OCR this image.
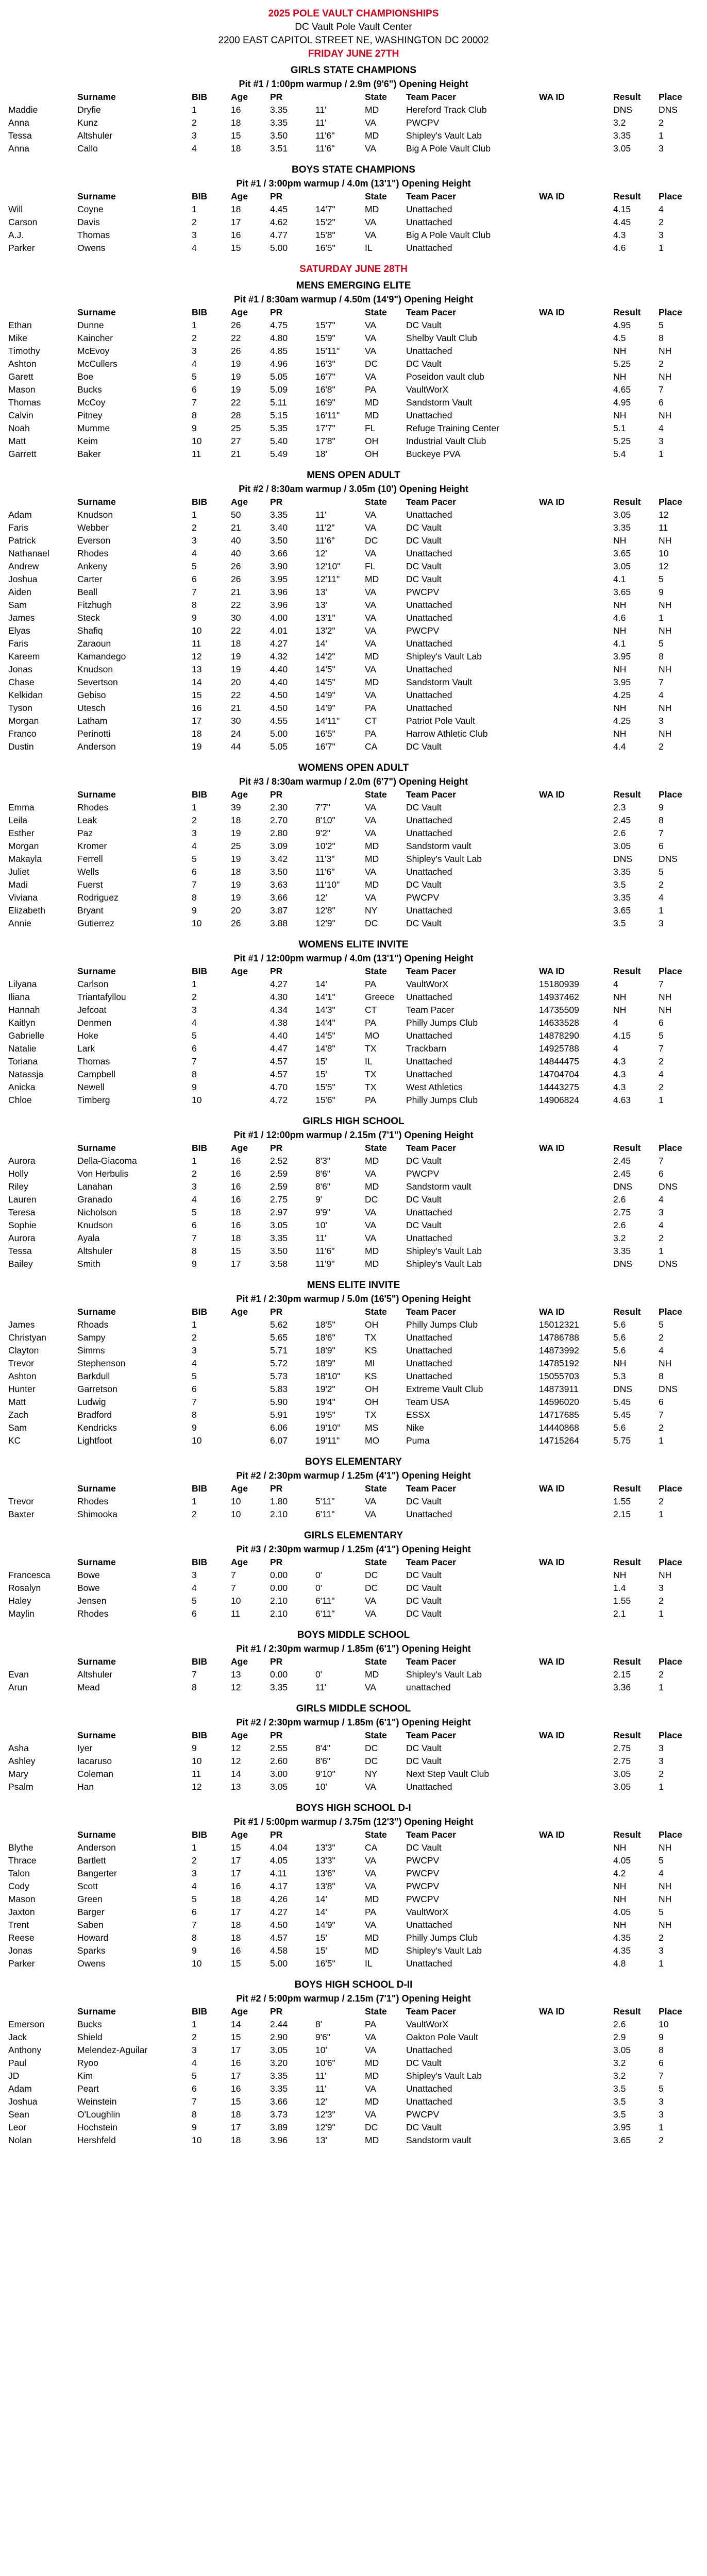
2025 POLE VAULT CHAMPIONSHIPS
DC Vault Pole Vault Center
2200 EAST CAPITOL STREET NE, WASHINGTON DC 20002
FRIDAY JUNE 27TH
GIRLS STATE CHAMPIONS
Pit #1 / 1:00pm warmup / 2.9m (9'6") Opening Height
	Surname	BIB	Age	PR		State	Team Pacer	WA ID	Result	Place
Maddie	Dryfie	1	16	3.35	11'	MD	Hereford Track Club		DNS	DNS
Anna	Kunz	2	18	3.35	11'	VA	PWCPV		3.2	2
Tessa	Altshuler	3	15	3.50	11'6"	MD	Shipley's Vault Lab		3.35	1
Anna	Callo	4	18	3.51	11'6"	VA	Big A Pole Vault Club		3.05	3
BOYS STATE CHAMPIONS
Pit #1 / 3:00pm warmup / 4.0m (13'1") Opening Height
	Surname	BIB	Age	PR		State	Team Pacer	WA ID	Result	Place
Will	Coyne	1	18	4.45	14'7"	MD	Unattached		4.15	4
Carson	Davis	2	17	4.62	15'2"	VA	Unattached		4.45	2
A.J.	Thomas	3	16	4.77	15'8"	VA	Big A Pole Vault Club		4.3	3
Parker	Owens	4	15	5.00	16'5"	IL	Unattached		4.6	1
SATURDAY JUNE 28TH
MENS EMERGING ELITE
Pit #1 / 8:30am warmup / 4.50m (14'9") Opening Height
	Surname	BIB	Age	PR		State	Team Pacer	WA ID	Result	Place
Ethan	Dunne	1	26	4.75	15'7"	VA	DC Vault		4.95	5
Mike	Kaincher	2	22	4.80	15'9"	VA	Shelby Vault Club		4.5	8
Timothy	McEvoy	3	26	4.85	15'11"	VA	Unattached		NH	NH
Ashton	McCullers	4	19	4.96	16'3"	DC	DC Vault		5.25	2
Garett	Boe	5	19	5.05	16'7"	VA	Poseidon vault club		NH	NH
Mason	Bucks	6	19	5.09	16'8"	PA	VaultWorX		4.65	7
Thomas	McCoy	7	22	5.11	16'9"	MD	Sandstorm Vault		4.95	6
Calvin	Pitney	8	28	5.15	16'11"	MD	Unattached		NH	NH
Noah	Mumme	9	25	5.35	17'7"	FL	Refuge Training Center		5.1	4
Matt	Keim	10	27	5.40	17'8"	OH	Industrial Vault Club		5.25	3
Garrett	Baker	11	21	5.49	18'	OH	Buckeye PVA		5.4	1
MENS OPEN ADULT
Pit #2 / 8:30am warmup / 3.05m (10') Opening Height
	Surname	BIB	Age	PR		State	Team Pacer	WA ID	Result	Place
Adam	Knudson	1	50	3.35	11'	VA	Unattached		3.05	12
Faris	Webber	2	21	3.40	11'2"	VA	DC Vault		3.35	11
Patrick	Everson	3	40	3.50	11'6"	DC	DC Vault		NH	NH
Nathanael	Rhodes	4	40	3.66	12'	VA	Unattached		3.65	10
Andrew	Ankeny	5	26	3.90	12'10"	FL	DC Vault		3.05	12
Joshua	Carter	6	26	3.95	12'11"	MD	DC Vault		4.1	5
Aiden	Beall	7	21	3.96	13'	VA	PWCPV		3.65	9
Sam	Fitzhugh	8	22	3.96	13'	VA	Unattached		NH	NH
James	Steck	9	30	4.00	13'1"	VA	Unattached		4.6	1
Elyas	Shafiq	10	22	4.01	13'2"	VA	PWCPV		NH	NH
Faris	Zaraoun	11	18	4.27	14'	VA	Unattached		4.1	5
Kareem	Kamandego	12	19	4.32	14'2"	MD	Shipley's Vault Lab		3.95	8
Jonas	Knudson	13	19	4.40	14'5"	VA	Unattached		NH	NH
Chase	Severtson	14	20	4.40	14'5"	MD	Sandstorm Vault		3.95	7
Kelkidan	Gebiso	15	22	4.50	14'9"	VA	Unattached		4.25	4
Tyson	Utesch	16	21	4.50	14'9"	PA	Unattached		NH	NH
Morgan	Latham	17	30	4.55	14'11"	CT	Patriot Pole Vault		4.25	3
Franco	Perinotti	18	24	5.00	16'5"	PA	Harrow Athletic Club		NH	NH
Dustin	Anderson	19	44	5.05	16'7"	CA	DC Vault		4.4	2
WOMENS OPEN ADULT
Pit #3 / 8:30am warmup / 2.0m (6'7") Opening Height
	Surname	BIB	Age	PR		State	Team Pacer	WA ID	Result	Place
Emma	Rhodes	1	39	2.30	7'7"	VA	DC Vault		2.3	9
Leila	Leak	2	18	2.70	8'10"	VA	Unattached		2.45	8
Esther	Paz	3	19	2.80	9'2"	VA	Unattached		2.6	7
Morgan	Kromer	4	25	3.09	10'2"	MD	Sandstorm vault		3.05	6
Makayla	Ferrell	5	19	3.42	11'3"	MD	Shipley's Vault Lab		DNS	DNS
Juliet	Wells	6	18	3.50	11'6"	VA	Unattached		3.35	5
Madi	Fuerst	7	19	3.63	11'10"	MD	DC Vault		3.5	2
Viviana	Rodriguez	8	19	3.66	12'	VA	PWCPV		3.35	4
Elizabeth	Bryant	9	20	3.87	12'8"	NY	Unattached		3.65	1
Annie	Gutierrez	10	26	3.88	12'9"	DC	DC Vault		3.5	3
WOMENS ELITE INVITE
Pit #1 / 12:00pm warmup / 4.0m (13'1") Opening Height
	Surname	BIB	Age	PR		State	Team Pacer	WA ID	Result	Place
Lilyana	Carlson	1		4.27	14'	PA	VaultWorX	15180939	4	7
Iliana	Triantafyllou	2		4.30	14'1"	Greece	Unattached	14937462	NH	NH
Hannah	Jefcoat	3		4.34	14'3"	CT	Team Pacer	14735509	NH	NH
Kaitlyn	Denmen	4		4.38	14'4"	PA	Philly Jumps Club	14633528	4	6
Gabrielle	Hoke	5		4.40	14'5"	MO	Unattached	14878290	4.15	5
Natalie	Lark	6		4.47	14'8"	TX	Trackbarn	14925788	4	7
Toriana	Thomas	7		4.57	15'	IL	Unattached	14844475	4.3	2
Natassja	Campbell	8		4.57	15'	TX	Unattached	14704704	4.3	4
Anicka	Newell	9		4.70	15'5"	TX	West Athletics	14443275	4.3	2
Chloe	Timberg	10		4.72	15'6"	PA	Philly Jumps Club	14906824	4.63	1
GIRLS HIGH SCHOOL
Pit #1 / 12:00pm warmup / 2.15m (7'1") Opening Height
	Surname	BIB	Age	PR		State	Team Pacer	WA ID	Result	Place
Aurora	Della-Giacoma	1	16	2.52	8'3"	MD	DC Vault		2.45	7
Holly	Von Herbulis	2	16	2.59	8'6"	VA	PWCPV		2.45	6
Riley	Lanahan	3	16	2.59	8'6"	MD	Sandstorm vault		DNS	DNS
Lauren	Granado	4	16	2.75	9'	DC	DC Vault		2.6	4
Teresa	Nicholson	5	18	2.97	9'9"	VA	Unattached		2.75	3
Sophie	Knudson	6	16	3.05	10'	VA	DC Vault		2.6	4
Aurora	Ayala	7	18	3.35	11'	VA	Unattached		3.2	2
Tessa	Altshuler	8	15	3.50	11'6"	MD	Shipley's Vault Lab		3.35	1
Bailey	Smith	9	17	3.58	11'9"	MD	Shipley's Vault Lab		DNS	DNS
MENS ELITE INVITE
Pit #1 / 2:30pm warmup / 5.0m (16'5") Opening Height
	Surname	BIB	Age	PR		State	Team Pacer	WA ID	Result	Place
James	Rhoads	1		5.62	18'5"	OH	Philly Jumps Club	15012321	5.6	5
Christyan	Sampy	2		5.65	18'6"	TX	Unattached	14786788	5.6	2
Clayton	Simms	3		5.71	18'9"	KS	Unattached	14873992	5.6	4
Trevor	Stephenson	4		5.72	18'9"	MI	Unattached	14785192	NH	NH
Ashton	Barkdull	5		5.73	18'10"	KS	Unattached	15055703	5.3	8
Hunter	Garretson	6		5.83	19'2"	OH	Extreme Vault Club	14873911	DNS	DNS
Matt	Ludwig	7		5.90	19'4"	OH	Team USA	14596020	5.45	6
Zach	Bradford	8		5.91	19'5"	TX	ESSX	14717685	5.45	7
Sam	Kendricks	9		6.06	19'10"	MS	Nike	14440868	5.6	2
KC	Lightfoot	10		6.07	19'11"	MO	Puma	14715264	5.75	1
BOYS ELEMENTARY
Pit #2 / 2:30pm warmup / 1.25m (4'1") Opening Height
	Surname	BIB	Age	PR		State	Team Pacer	WA ID	Result	Place
Trevor	Rhodes	1	10	1.80	5'11"	VA	DC Vault		1.55	2
Baxter	Shimooka	2	10	2.10	6'11"	VA	Unattached		2.15	1
GIRLS ELEMENTARY
Pit #3 / 2:30pm warmup / 1.25m (4'1") Opening Height
	Surname	BIB	Age	PR		State	Team Pacer	WA ID	Result	Place
Francesca	Bowe	3	7	0.00	0'	DC	DC Vault		NH	NH
Rosalyn	Bowe	4	7	0.00	0'	DC	DC Vault		1.4	3
Haley	Jensen	5	10	2.10	6'11"	VA	DC Vault		1.55	2
Maylin	Rhodes	6	11	2.10	6'11"	VA	DC Vault		2.1	1
BOYS MIDDLE SCHOOL
Pit #1 / 2:30pm warmup / 1.85m (6'1") Opening Height
	Surname	BIB	Age	PR		State	Team Pacer	WA ID	Result	Place
Evan	Altshuler	7	13	0.00	0'	MD	Shipley's Vault Lab		2.15	2
Arun	Mead	8	12	3.35	11'	VA	unattached		3.36	1
GIRLS MIDDLE SCHOOL
Pit #2 / 2:30pm warmup / 1.85m (6'1") Opening Height
	Surname	BIB	Age	PR		State	Team Pacer	WA ID	Result	Place
Asha	Iyer	9	12	2.55	8'4"	DC	DC Vault		2.75	3
Ashley	Iacaruso	10	12	2.60	8'6"	DC	DC Vault		2.75	3
Mary	Coleman	11	14	3.00	9'10"	NY	Next Step Vault Club		3.05	2
Psalm	Han	12	13	3.05	10'	VA	Unattached		3.05	1
BOYS HIGH SCHOOL D-I
Pit #1 / 5:00pm warmup / 3.75m (12'3") Opening Height
	Surname	BIB	Age	PR		State	Team Pacer	WA ID	Result	Place
Blythe	Anderson	1	15	4.04	13'3"	CA	DC Vault		NH	NH
Thrace	Bartlett	2	17	4.05	13'3"	VA	PWCPV		4.05	5
Talon	Bangerter	3	17	4.11	13'6"	VA	PWCPV		4.2	4
Cody	Scott	4	16	4.17	13'8"	VA	PWCPV		NH	NH
Mason	Green	5	18	4.26	14'	MD	PWCPV		NH	NH
Jaxton	Barger	6	17	4.27	14'	PA	VaultWorX		4.05	5
Trent	Saben	7	18	4.50	14'9"	VA	Unattached		NH	NH
Reese	Howard	8	18	4.57	15'	MD	Philly Jumps Club		4.35	2
Jonas	Sparks	9	16	4.58	15'	MD	Shipley's Vault Lab		4.35	3
Parker	Owens	10	15	5.00	16'5"	IL	Unattached		4.8	1
BOYS HIGH SCHOOL D-II
Pit #2 / 5:00pm warmup / 2.15m (7'1") Opening Height
	Surname	BIB	Age	PR		State	Team Pacer	WA ID	Result	Place
Emerson	Bucks	1	14	2.44	8'	PA	VaultWorX		2.6	10
Jack	Shield	2	15	2.90	9'6"	VA	Oakton Pole Vault		2.9	9
Anthony	Melendez-Aguilar	3	17	3.05	10'	VA	Unattached		3.05	8
Paul	Ryoo	4	16	3.20	10'6"	MD	DC Vault		3.2	6
JD	Kim	5	17	3.35	11'	MD	Shipley's Vault Lab		3.2	7
Adam	Peart	6	16	3.35	11'	VA	Unattached		3.5	5
Joshua	Weinstein	7	15	3.66	12'	MD	Unattached		3.5	3
Sean	O'Loughlin	8	18	3.73	12'3"	VA	PWCPV		3.5	3
Leor	Hochstein	9	17	3.89	12'9"	DC	DC Vault		3.95	1
Nolan	Hershfeld	10	18	3.96	13'	MD	Sandstorm vault		3.65	2
